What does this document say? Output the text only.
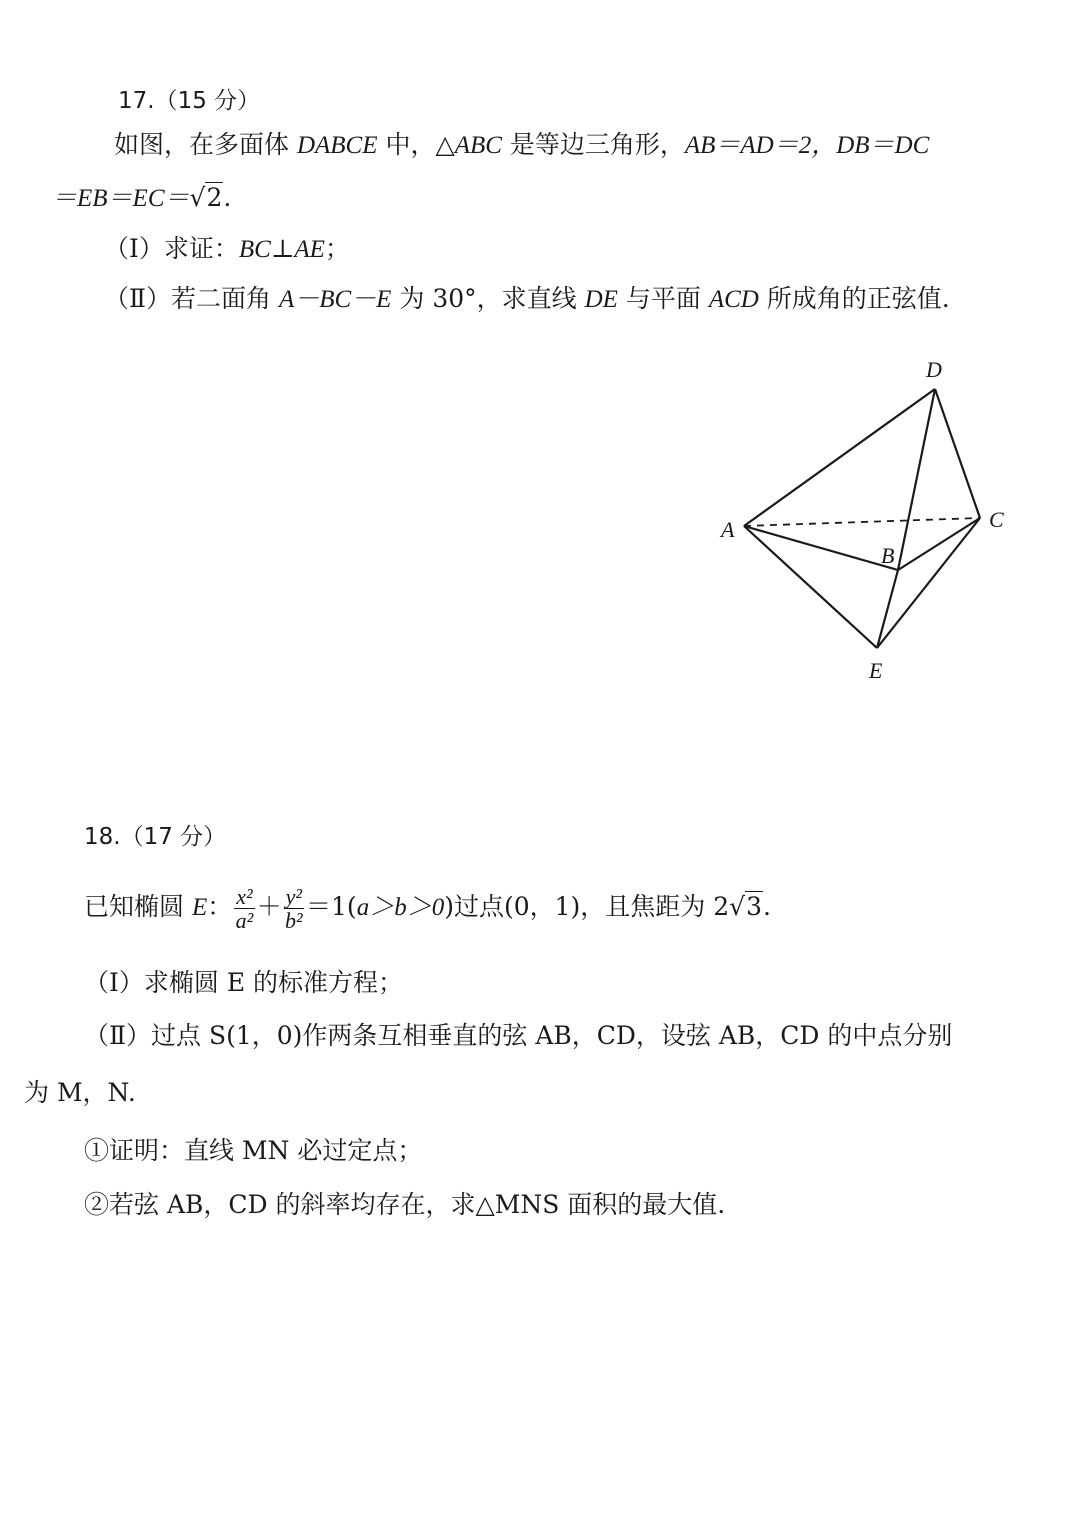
17.（15 分）
如图，在多面体 DABCE 中，△ABC 是等边三角形，AB＝AD＝2，DB＝DC
＝EB＝EC＝√2.
（Ⅰ）求证：BC⊥AE；
（Ⅱ）若二面角 A－BC－E 为 30°，求直线 DE 与平面 ACD 所成角的正弦值.
D
A
B
C
E
18.（17 分）
已知椭圆 E： $\frac{\text{x²}}{\text{a²}} + \frac{\text{y²}}{\text{b²}} =1(a>b>0)$过点(0，1)，且焦距为 2√3.
（Ⅰ）求椭圆 E 的标准方程；
（Ⅱ）过点 S(1，0)作两条互相垂直的弦 AB，CD，设弦 AB，CD 的中点分别
为 M，N.
①证明：直线 MN 必过定点；
②若弦 AB，CD 的斜率均存在，求△MNS 面积的最大值.
